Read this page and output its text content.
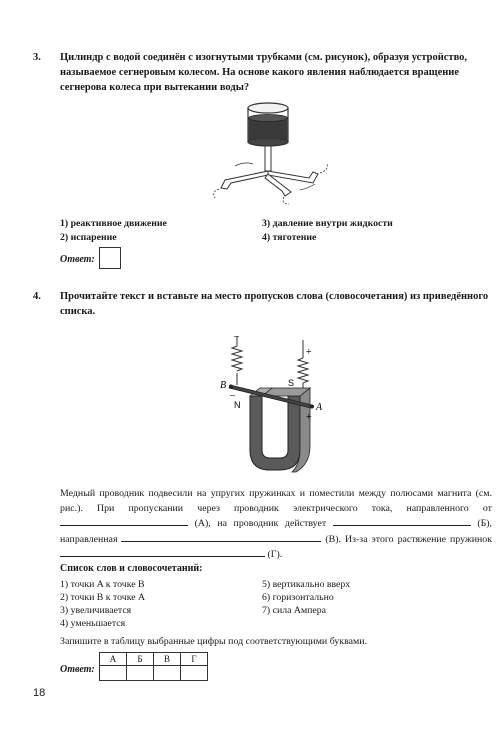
3. Цилиндр с водой соединён с изогнутыми трубками (см. рисунок), образуя устройство, называемое сегнеровым колесом. На основе какого явления наблюдается вращение сегнерова колеса при вытекании воды?
1) реактивное движение
2) испарение
3) давление внутри жидкости
4) тяготение
Ответ:
4. Прочитайте текст и вставьте на место пропусков слова (словосочетания) из приведённого списка.
–
+
B
–
N
S
A
+
Медный проводник подвесили на упругих пружинках и поместили между полюсами магнита (см. рис.). При пропускании через проводник электрического тока, направленного от  (А), на проводник действует	(Б), направленная	(В). Из-за этого растяжение пружинок  (Г).
Список слов и словосочетаний:
1) точки A к точке B
2) точки B к точке A
3) увеличивается
4) уменьшается
5) вертикально вверх
6) горизонтально
7) сила Ампера
Запишите в таблицу выбранные цифры под соответствующими буквами.
Ответ:
А	Б	В	Г

18
